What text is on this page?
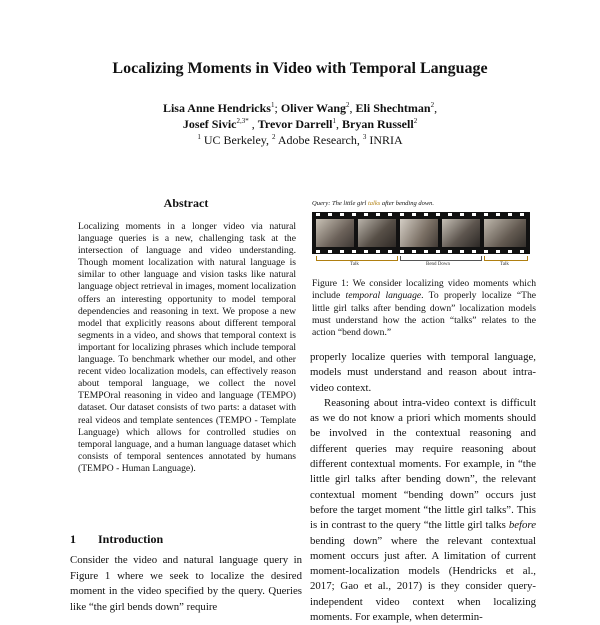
Localizing Moments in Video with Temporal Language
Lisa Anne Hendricks$^1$; Oliver Wang$^2$, Eli Shechtman$^2$,
Josef Sivic$^{2,3*}$ , Trevor Darrell$^1$, Bryan Russell$^2$
$^1$ UC Berkeley, $^2$ Adobe Research, $^3$ INRIA
Abstract

Localizing moments in a longer video via natural language queries is a new, challenging task at the intersection of language and video understanding. Though moment localization with natural language is similar to other language and vision tasks like natural language object retrieval in images, moment localization offers an interesting opportunity to model temporal dependencies and reasoning in text. We propose a new model that explicitly reasons about different temporal segments in a video, and shows that temporal context is important for localizing phrases which include temporal language. To benchmark whether our model, and other recent video localization models, can effectively reason about temporal language, we collect the novel TEMPOral reasoning in video and language (TEMPO) dataset. Our dataset consists of two parts: a dataset with real videos and template sentences (TEMPO - Template Language) which allows for controlled studies on temporal language, and a human language dataset which consists of temporal sentences annotated by humans (TEMPO - Human Language).

1 Introduction

Consider the video and natural language query in Figure 1 where we seek to localize the desired moment in the video specified by the query. Queries like “the girl bends down” require

Query: The little girl talks after bending down.
Talk	Bend Down	Talk

Figure 1: We consider localizing video moments which include temporal language. To properly localize “The little girl talks after bending down” localization models must understand how the action “talks” relates to the action “bend down.”

properly localize queries with temporal language, models must understand and reason about intra-video context.

Reasoning about intra-video context is difficult as we do not know a priori which moments should be involved in the contextual reasoning and different queries may require reasoning about different contextual moments. For example, in “the little girl talks after bending down”, the relevant contextual moment “bending down” occurs just before the target moment “the little girl talks”. This is in contrast to the query “the little girl talks before bending down” where the relevant contextual moment occurs just after. A limitation of current moment-localization models (Hendricks et al., 2017; Gao et al., 2017) is they consider query-independent video context when localizing moments. For example, when determin-
